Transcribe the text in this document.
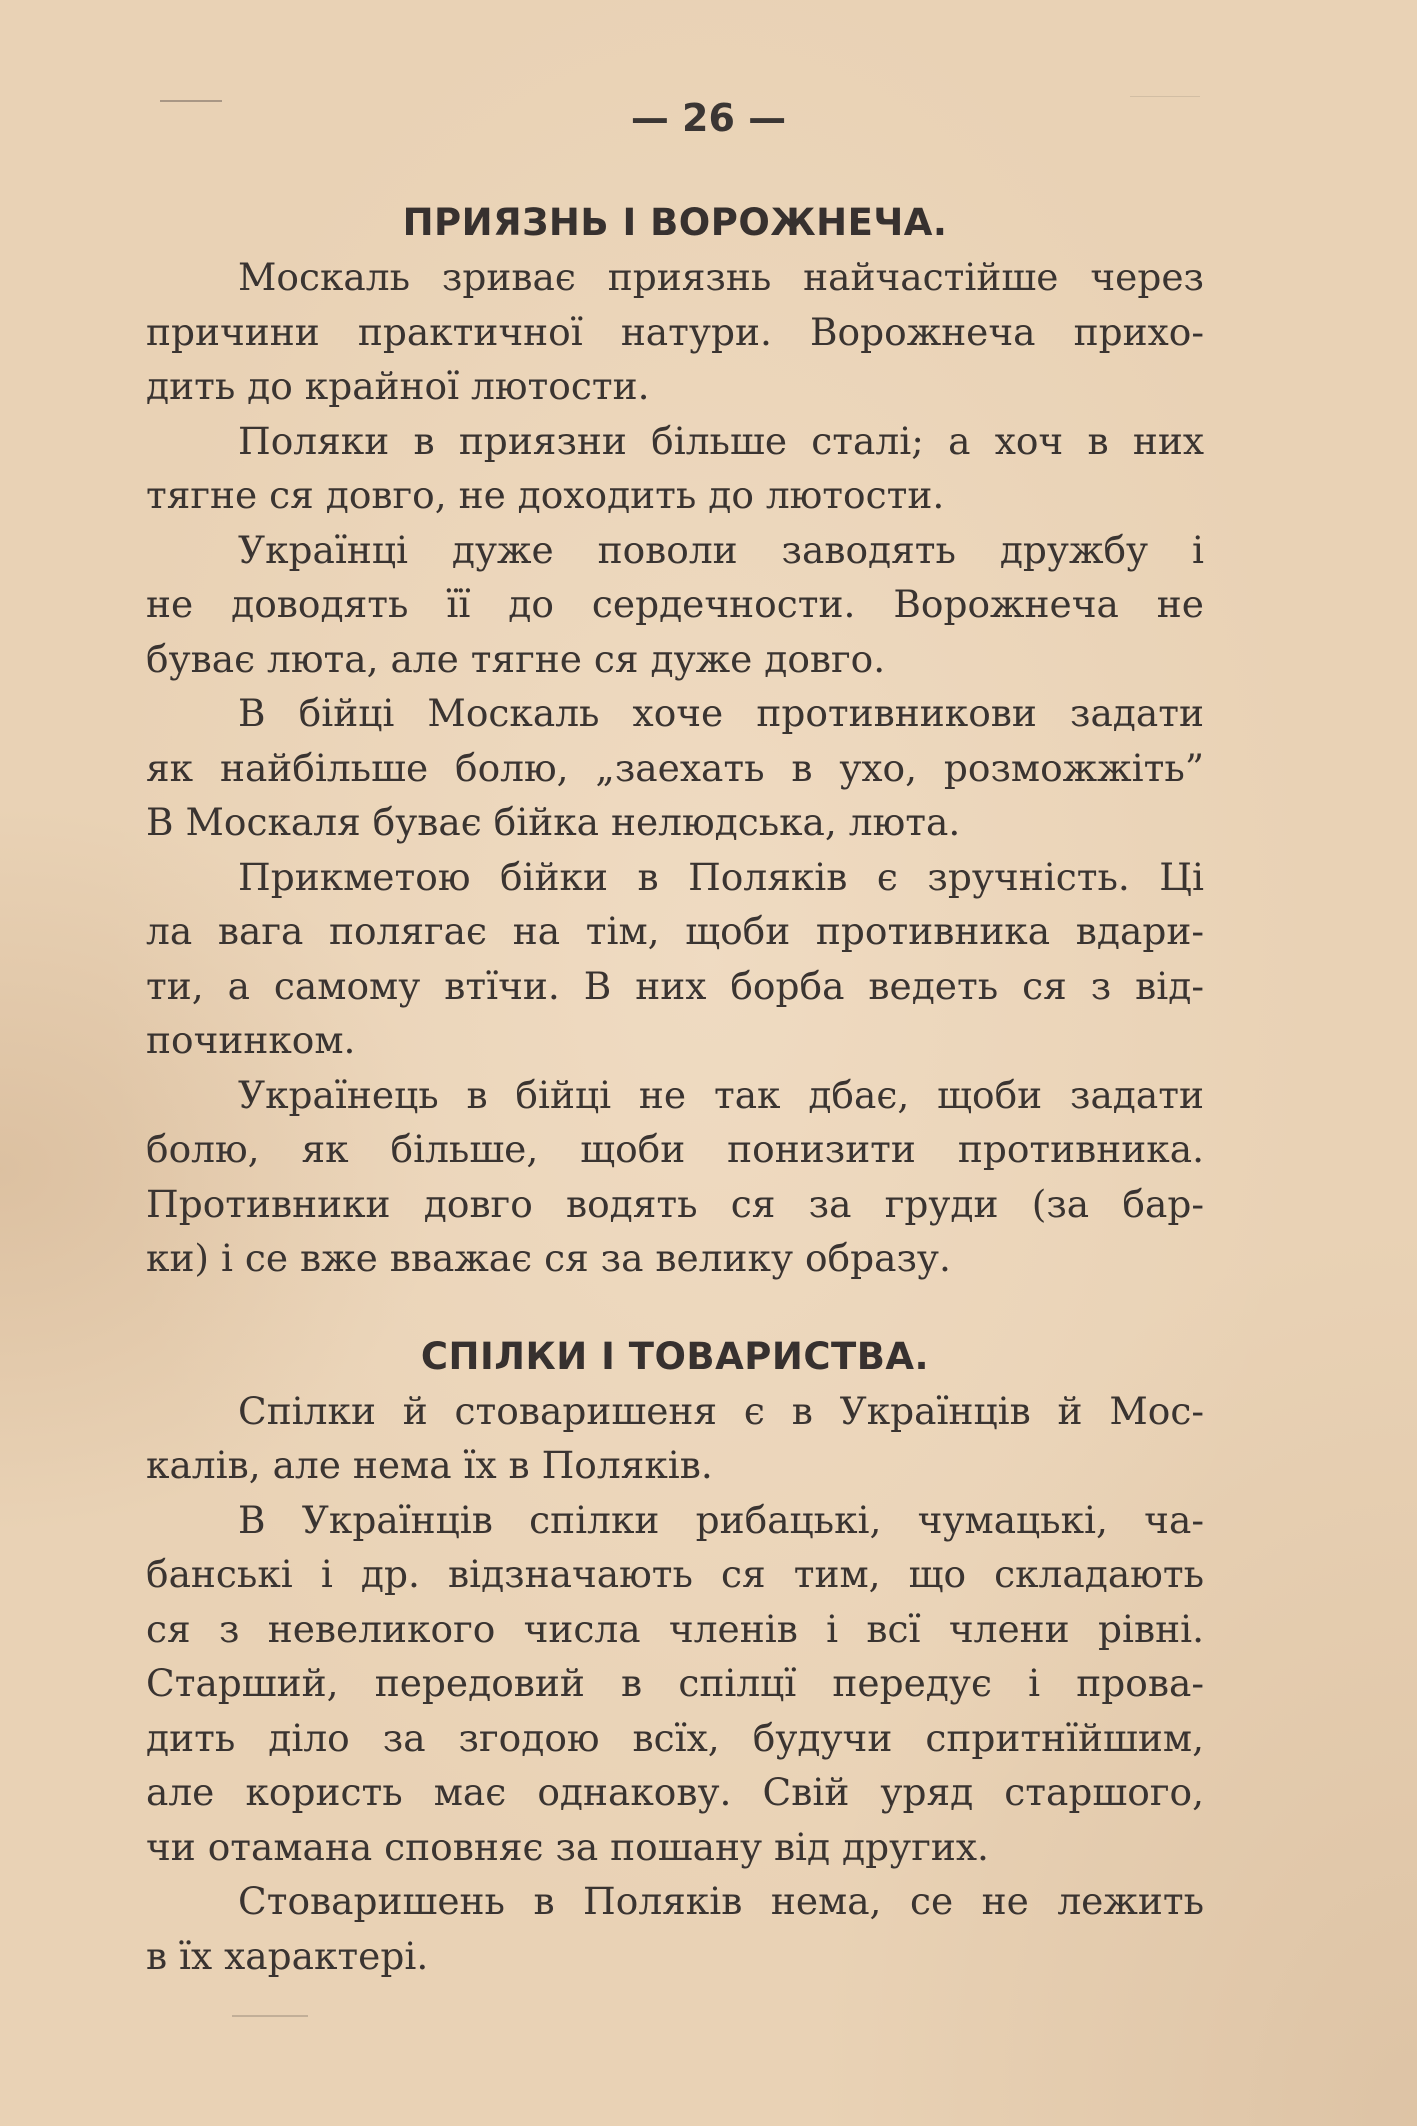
— 26 —
ПРИЯЗНЬ І ВОРОЖНЕЧА.
Москаль зриває приязнь найчастійше через
причини практичної натури. Ворожнеча прихо-
дить до крайної лютости.
Поляки в приязни більше сталі; а хоч в них
тягне ся довго, не доходить до лютости.
Українці дуже поволи заводять дружбу і
не доводять її до сердечности. Ворожнеча не
буває люта, але тягне ся дуже довго.
В бійці Москаль хоче противникови задати
як найбільше болю, „заехать в ухо, розможжіть”
В Москаля буває бійка нелюдська, люта.
Прикметою бійки в Поляків є зручність. Ці
ла вага полягає на тім, щоби противника вдари-
ти, а самому втїчи. В них борба ведеть ся з від-
починком.
Українець в бійці не так дбає, щоби задати
болю, як більше, щоби понизити противника.
Противники довго водять ся за груди (за бар-
ки) і се вже вважає ся за велику образу.
СПІЛКИ І ТОВАРИСТВА.
Спілки й стоваришеня є в Українців й Мос-
калів, але нема їх в Поляків.
В Українців спілки рибацькі, чумацькі, ча-
банські і др. відзначають ся тим, що складають
ся з невеликого числа членів і всї члени рівні.
Старший, передовий в спілцї передує і прова-
дить діло за згодою всїх, будучи спритнїйшим,
але користь має однакову. Свій уряд старшого,
чи отамана сповняє за пошану від других.
Стоваришень в Поляків нема, се не лежить
в їх характері.
